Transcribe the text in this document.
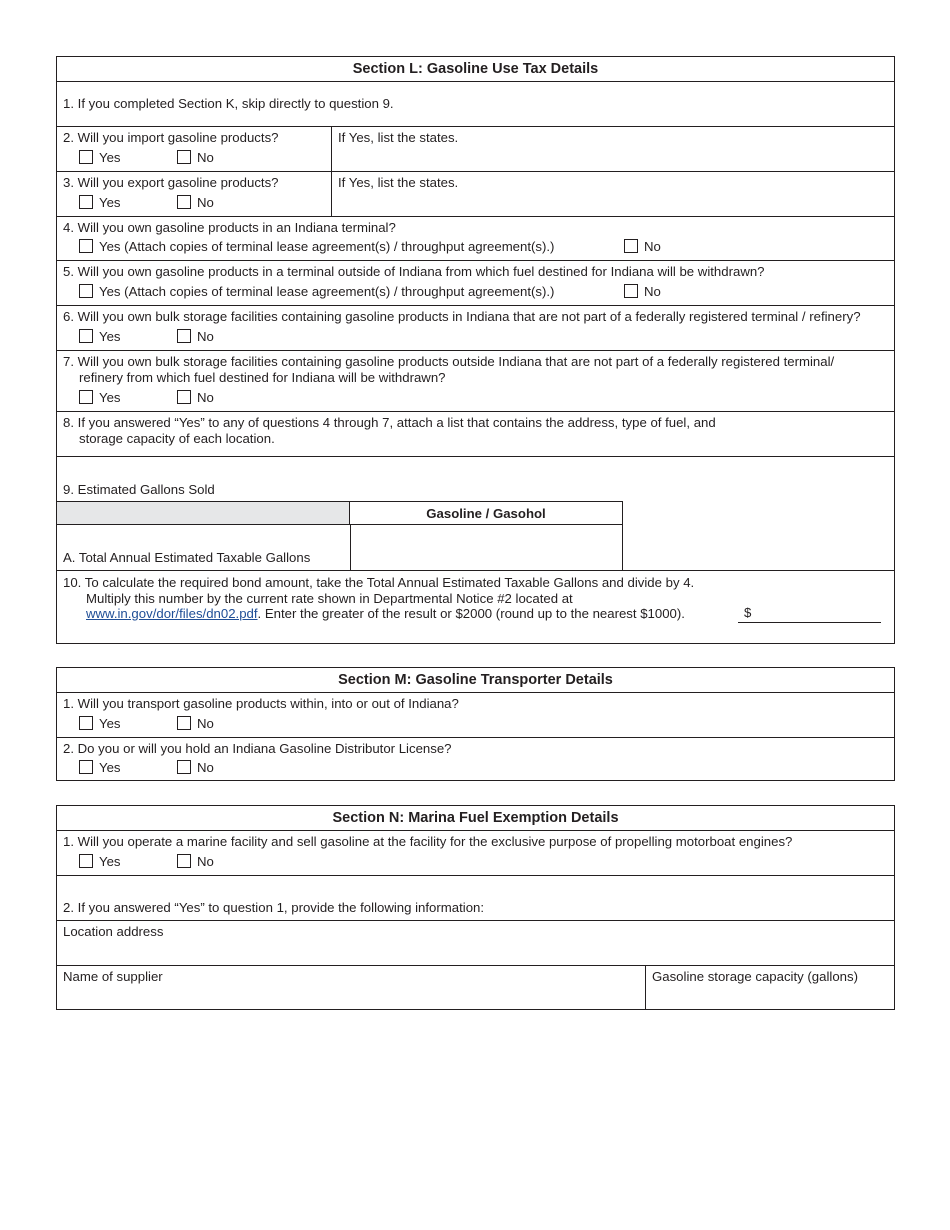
Section L: Gasoline Use Tax Details
1. If you completed Section K, skip directly to question 9.
2. Will you import gasoline products?
Yes	No
If Yes, list the states.
3. Will you export gasoline products?
Yes	No
If Yes, list the states.
4. Will you own gasoline products in an Indiana terminal?
Yes (Attach copies of terminal lease agreement(s) / throughput agreement(s).)	No
5. Will you own gasoline products in a terminal outside of Indiana from which fuel destined for Indiana will be withdrawn?
Yes (Attach copies of terminal lease agreement(s) / throughput agreement(s).)	No
6. Will you own bulk storage facilities containing gasoline products in Indiana that are not part of a federally registered terminal / refinery?
Yes	No
7. Will you own bulk storage facilities containing gasoline products outside Indiana that are not part of a federally registered terminal/
refinery from which fuel destined for Indiana will be withdrawn?
Yes	No
8. If you answered “Yes” to any of questions 4 through 7, attach a list that contains the address, type of fuel, and
storage capacity of each location.
9. Estimated Gallons Sold
Gasoline / Gasohol
A. Total Annual Estimated Taxable Gallons
10. To calculate the required bond amount, take the Total Annual Estimated Taxable Gallons and divide by 4.
Multiply this number by the current rate shown in Departmental Notice #2 located at
www.in.gov/dor/files/dn02.pdf. Enter the greater of the result or $2000 (round up to the nearest $1000).	$
Section M: Gasoline Transporter Details
1. Will you transport gasoline products within, into or out of Indiana?
Yes	No
2. Do you or will you hold an Indiana Gasoline Distributor License?
Yes	No
Section N: Marina Fuel Exemption Details
1. Will you operate a marine facility and sell gasoline at the facility for the exclusive purpose of propelling motorboat engines?
Yes	No
2. If you answered “Yes” to question 1, provide the following information:
Location address
Name of supplier	Gasoline storage capacity (gallons)
